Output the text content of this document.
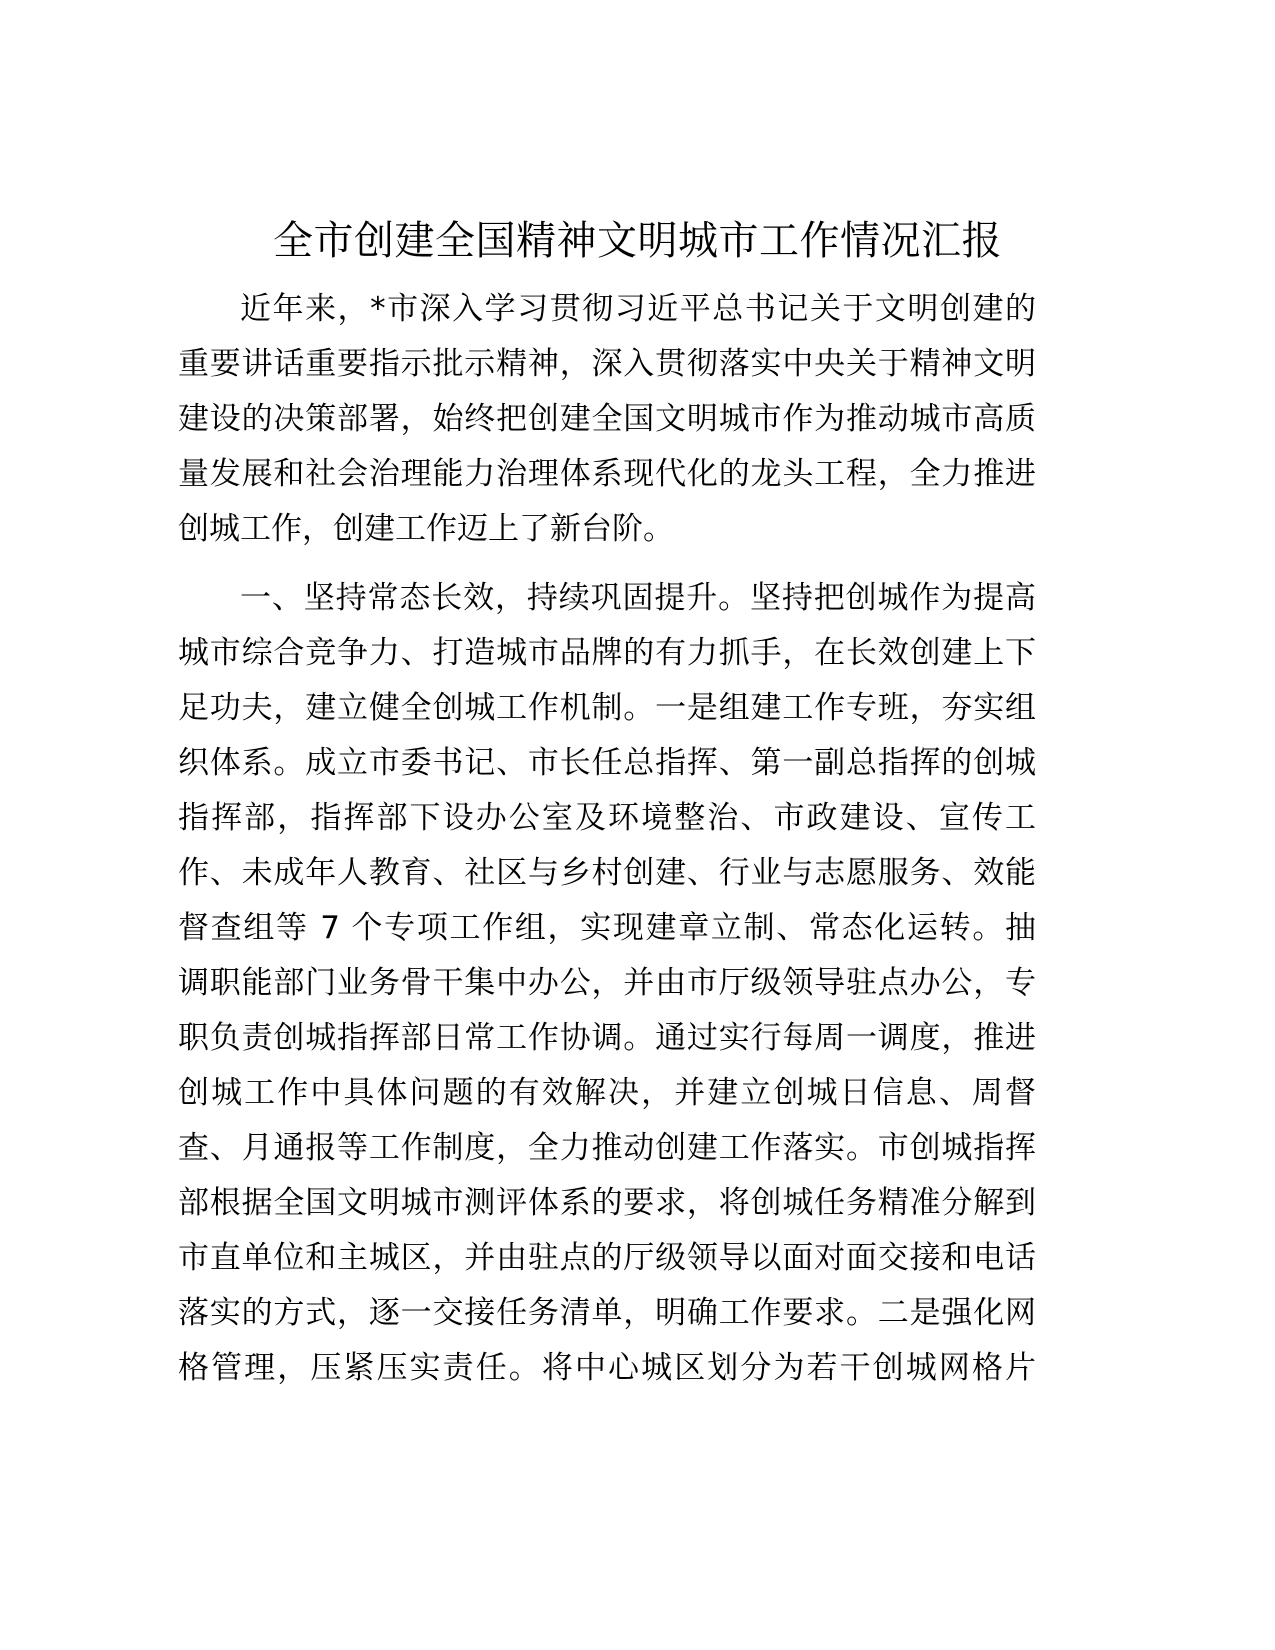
全市创建全国精神文明城市工作情况汇报
近年来，*市深入学习贯彻习近平总书记关于文明创建的
重要讲话重要指示批示精神，深入贯彻落实中央关于精神文明
建设的决策部署，始终把创建全国文明城市作为推动城市高质
量发展和社会治理能力治理体系现代化的龙头工程，全力推进
创城工作，创建工作迈上了新台阶。
一、坚持常态长效，持续巩固提升。坚持把创城作为提高
城市综合竞争力、打造城市品牌的有力抓手，在长效创建上下
足功夫，建立健全创城工作机制。一是组建工作专班，夯实组
织体系。成立市委书记、市长任总指挥、第一副总指挥的创城
指挥部，指挥部下设办公室及环境整治、市政建设、宣传工
作、未成年人教育、社区与乡村创建、行业与志愿服务、效能
督查组等 7 个专项工作组，实现建章立制、常态化运转。抽
调职能部门业务骨干集中办公，并由市厅级领导驻点办公，专
职负责创城指挥部日常工作协调。通过实行每周一调度，推进
创城工作中具体问题的有效解决，并建立创城日信息、周督
查、月通报等工作制度，全力推动创建工作落实。市创城指挥
部根据全国文明城市测评体系的要求，将创城任务精准分解到
市直单位和主城区，并由驻点的厅级领导以面对面交接和电话
落实的方式，逐一交接任务清单，明确工作要求。二是强化网
格管理，压紧压实责任。将中心城区划分为若干创城网格片
